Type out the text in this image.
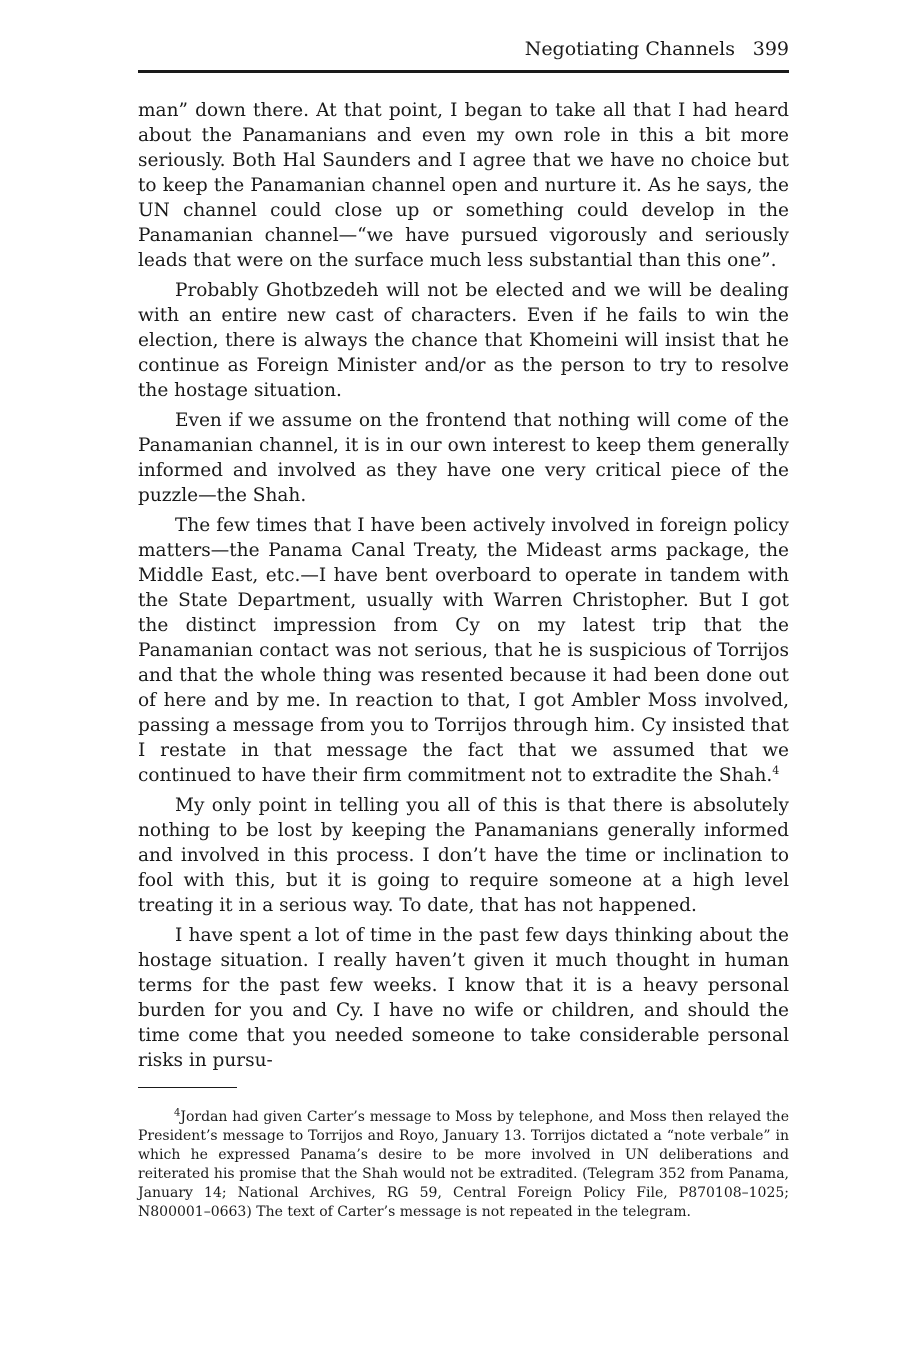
Negotiating Channels 399

man” down there. At that point, I began to take all that I had heard about the Panamanians and even my own role in this a bit more seriously. Both Hal Saunders and I agree that we have no choice but to keep the Panamanian channel open and nurture it. As he says, the UN channel could close up or something could develop in the Panamanian channel—“we have pursued vigorously and seriously leads that were on the surface much less substantial than this one”.

Probably Ghotbzedeh will not be elected and we will be dealing with an entire new cast of characters. Even if he fails to win the election, there is always the chance that Khomeini will insist that he continue as Foreign Minister and/or as the person to try to resolve the hostage situation.

Even if we assume on the frontend that nothing will come of the Panamanian channel, it is in our own interest to keep them generally informed and involved as they have one very critical piece of the puzzle—the Shah.

The few times that I have been actively involved in foreign policy matters—the Panama Canal Treaty, the Mideast arms package, the Middle East, etc.—I have bent overboard to operate in tandem with the State Department, usually with Warren Christopher. But I got the distinct impression from Cy on my latest trip that the Panamanian contact was not serious, that he is suspicious of Torrijos and that the whole thing was resented because it had been done out of here and by me. In reaction to that, I got Ambler Moss involved, passing a message from you to Torrijos through him. Cy insisted that I restate in that message the fact that we assumed that we continued to have their firm commitment not to extradite the Shah.$^4$

My only point in telling you all of this is that there is absolutely nothing to be lost by keeping the Panamanians generally informed and involved in this process. I don’t have the time or inclination to fool with this, but it is going to require someone at a high level treating it in a serious way. To date, that has not happened.

I have spent a lot of time in the past few days thinking about the hostage situation. I really haven’t given it much thought in human terms for the past few weeks. I know that it is a heavy personal burden for you and Cy. I have no wife or children, and should the time come that you needed someone to take considerable personal risks in pursu-

$^4$Jordan had given Carter’s message to Moss by telephone, and Moss then relayed the President’s message to Torrijos and Royo, January 13. Torrijos dictated a “note verbale” in which he expressed Panama’s desire to be more involved in UN deliberations and reiterated his promise that the Shah would not be extradited. (Telegram 352 from Panama, January 14; National Archives, RG 59, Central Foreign Policy File, P870108–1025; N800001–0663) The text of Carter’s message is not repeated in the telegram.
